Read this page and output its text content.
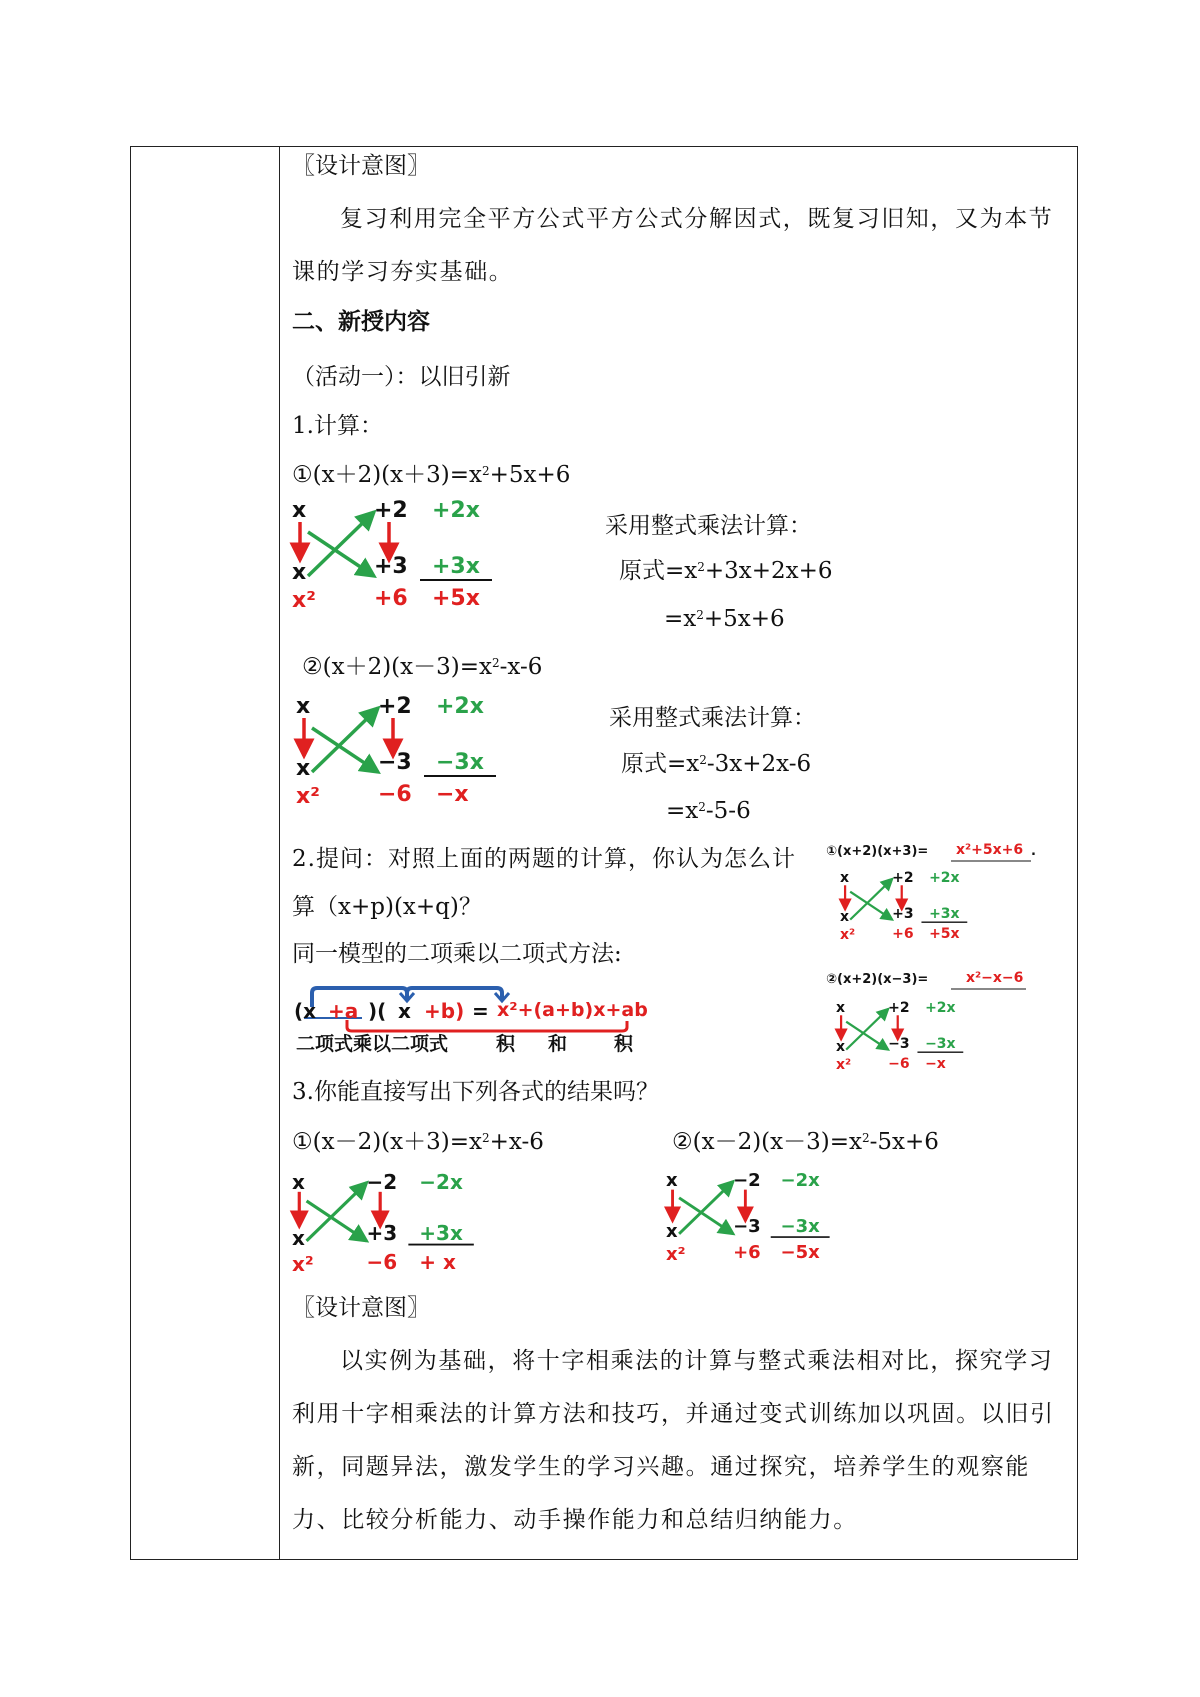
〖设计意图〗
复习利用完全平方公式平方公式分解因式，既复习旧知，又为本节课的学习夯实基础。
二、新授内容
（活动一）：以旧引新
1.计算：
$①(x+2)(x+3)=x^2+5x+6$
x
x
+2
+3
+2x
+3x
x²	+6 +5x
采用整式乘法计算：
原式$=x^2+3x+2x+6$
$=x^2+5x+6$
$②(x+2)(x-3)=x^2-x-6$
x
x
+2
−3
+2x
−3x
x²	−6 −x
采用整式乘法计算：
原式$=x^2-3x+2x-6$
$=x^2-5-6$
2.提问：对照上面的两题的计算，你认为怎么计
算（x+p)(x+q)？
同一模型的二项乘以二项式方法:
(x +a )( x +b) = x²+(a+b)x+ab
二项式乘以二项式	积 和 积
①(x+2)(x+3)= x²+5x+6 .
x
x
+2
+3
+2x
+3x
x²	+6 +5x
②(x+2)(x−3)=	x²−x−6
x
x
+2
−3
+2x
−3x
x²	−6 −x
3.你能直接写出下列各式的结果吗？
$①(x-2)(x+3)=x^2+x-6$	$②(x-2)(x-3)=x^2-5x+6$
x
x
−2
+3
−2x
+3x
x²	−6 + x
x
x
−2
−3
−2x
−3x
x²	+6 −5x
〖设计意图〗
以实例为基础，将十字相乘法的计算与整式乘法相对比，探究学习利用十字相乘法的计算方法和技巧，并通过变式训练加以巩固。以旧引新，同题异法，激发学生的学习兴趣。通过探究，培养学生的观察能力、比较分析能力、动手操作能力和总结归纳能力。
